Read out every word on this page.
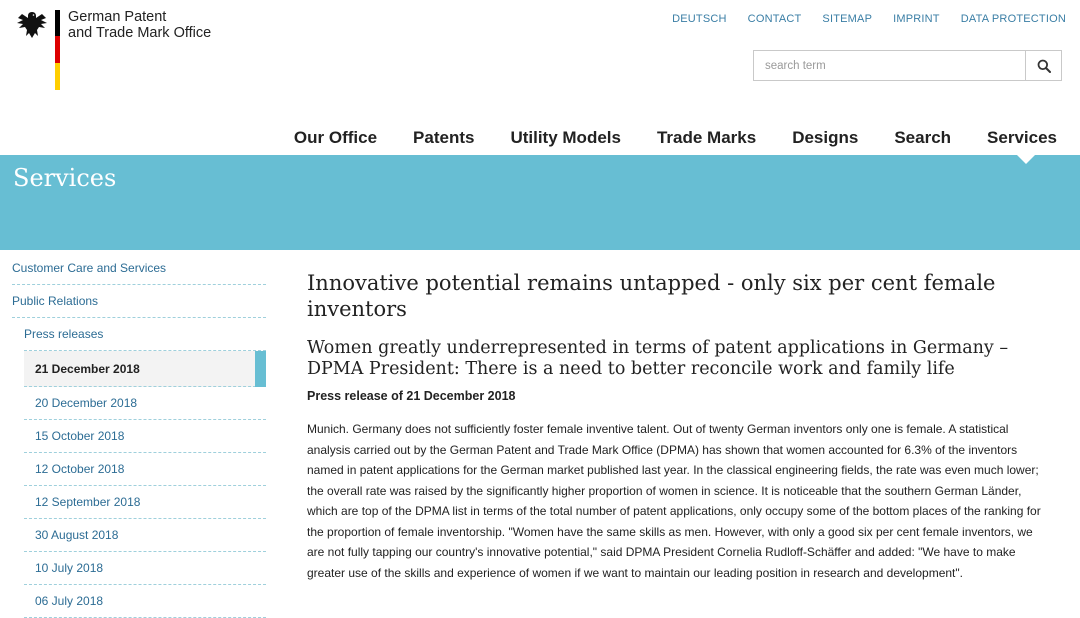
German Patent
and Trade Mark Office
DEUTSCH CONTACT SITEMAP IMPRINT DATA PROTECTION
search term
Our Office Patents Utility Models Trade Marks Designs Search Services
Services
Customer Care and Services
Public Relations
Press releases
21 December 2018
20 December 2018
15 October 2018
12 October 2018
12 September 2018
30 August 2018
10 July 2018
06 July 2018
Innovative potential remains untapped - only six per cent female inventors
Women greatly underrepresented in terms of patent applications in Germany – DPMA President: There is a need to better reconcile work and family life
Press release of 21 December 2018

Munich. Germany does not sufficiently foster female inventive talent. Out of twenty German inventors only one is female. A statistical analysis carried out by the German Patent and Trade Mark Office (DPMA) has shown that women accounted for 6.3% of the inventors named in patent applications for the German market published last year. In the classical engineering fields, the rate was even much lower; the overall rate was raised by the significantly higher proportion of women in science. It is noticeable that the southern German Länder, which are top of the DPMA list in terms of the total number of patent applications, only occupy some of the bottom places of the ranking for the proportion of female inventorship. "Women have the same skills as men. However, with only a good six per cent female inventors, we are not fully tapping our country's innovative potential," said DPMA President Cornelia Rudloff-Schäffer and added: "We have to make greater use of the skills and experience of women if we want to maintain our leading position in research and development".
